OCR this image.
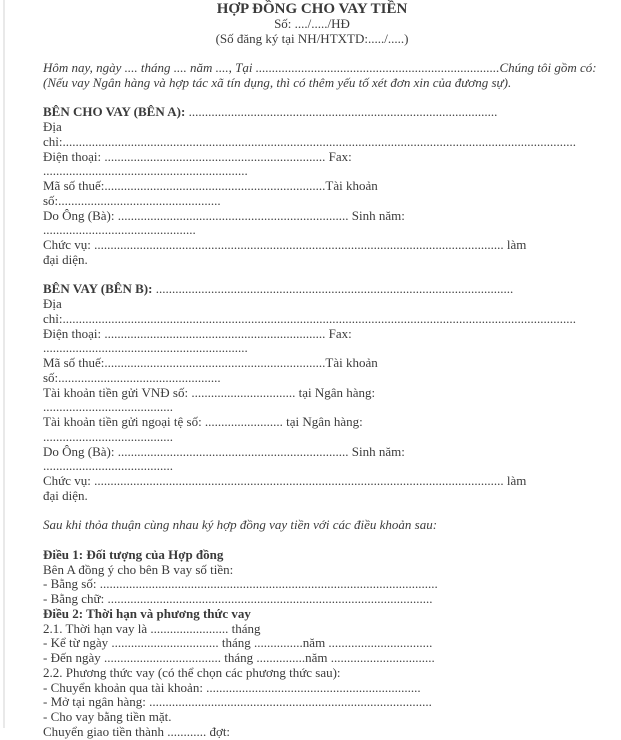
HỢP ĐỒNG CHO VAY TIỀN

Số: ..../...../HĐ

(Số đăng ký tại NH/HTXTD:...../.....)

Hôm nay, ngày .... tháng .... năm ...., Tại ...........................................................................Chúng tôi gồm có:

(Nếu vay Ngân hàng và hợp tác xã tín dụng, thì có thêm yếu tố xét đơn xin của đương sự).

BÊN CHO VAY (BÊN A): ...............................................................................................

Địa

chỉ:..............................................................................................................................................................

Điện thoại: .................................................................... Fax:

...............................................................

Mã số thuế:....................................................................Tài khoản

số:..................................................

Do Ông (Bà): ....................................................................... Sinh năm:

...............................................

Chức vụ: .............................................................................................................................. làm

đại diện.

BÊN VAY (BÊN B): ..............................................................................................................

Địa

chỉ:..............................................................................................................................................................

Điện thoại: .................................................................... Fax:

...............................................................

Mã số thuế:....................................................................Tài khoản

số:..................................................

Tài khoản tiền gửi VNĐ số: ................................ tại Ngân hàng:

........................................

Tài khoản tiền gửi ngoại tệ số: ........................ tại Ngân hàng:

........................................

Do Ông (Bà): ....................................................................... Sinh năm:

........................................

Chức vụ: .............................................................................................................................. làm

đại diện.

Sau khi thỏa thuận cùng nhau ký hợp đồng vay tiền với các điều khoản sau:

Điều 1: Đối tượng của Hợp đồng

Bên A đồng ý cho bên B vay số tiền:

- Bằng số: ........................................................................................................

- Bằng chữ: ....................................................................................................

Điều 2: Thời hạn và phương thức vay

2.1. Thời hạn vay là ........................ tháng

- Kể từ ngày ................................. tháng ...............năm ................................

- Đến ngày .................................... tháng ...............năm ................................

2.2. Phương thức vay (có thể chọn các phương thức sau):

- Chuyển khoản qua tài khoản: ..................................................................

- Mở tại ngân hàng: .......................................................................................

- Cho vay bằng tiền mặt.

Chuyển giao tiền thành ............ đợt:
